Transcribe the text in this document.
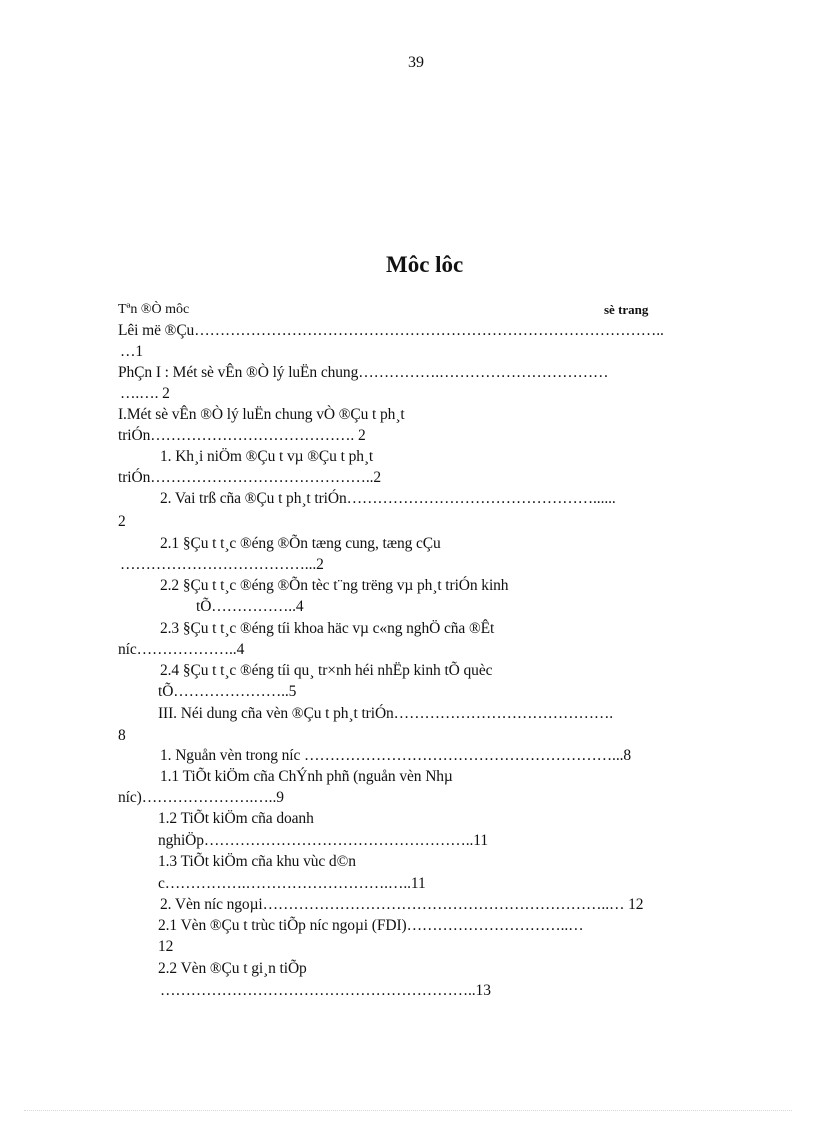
39
Môc lôc
Tªn ®Ò môc	sè trang
Lêi më ®Çu………………………………………………………………………………..
…1
PhÇn I : Mét sè vÊn ®Ò lý luËn chung…………….……………………………
….…. 2
I.Mét sè vÊn ®Ò lý luËn chung vÒ ®Çu t ph¸t
triÓn…………………………………. 2
1. Kh¸i niÖm ®Çu t vµ ®Çu t ph¸t
triÓn……………………………………..2
2. Vai trß cña ®Çu t ph¸t triÓn…………………………………………......
2
2.1 §Çu t t¸c ®éng ®Õn tæng cung, tæng cÇu
………………………………...2
2.2 §Çu t t¸c ®éng ®Õn tèc t¨ng trëng vµ ph¸t triÓn kinh
tÕ……………..4
2.3 §Çu t t¸c ®éng tíi khoa häc vµ c«ng nghÖ cña ®Êt
níc………………..4
2.4 §Çu t t¸c ®éng tíi qu¸ tr×nh héi nhËp kinh tÕ quèc
tÕ…………………..5
III. Néi dung cña vèn ®Çu t ph¸t triÓn…………………………………….
8
1. Nguån vèn trong níc ……………………………………………………...8
1.1 TiÕt kiÖm cña ChÝnh phñ (nguån vèn Nhµ
níc)………………….…..9
1.2 TiÕt kiÖm cña doanh
nghiÖp……………………………………………..11
1.3 TiÕt kiÖm cña khu vùc d©n
c…………….……………………….…..11
2. Vèn níc ngoµi…………………………………………………………..… 12
2.1 Vèn ®Çu t trùc tiÕp níc ngoµi (FDI)…………………………..…
12
2.2 Vèn ®Çu t gi¸n tiÕp
……………………………………………………..13
